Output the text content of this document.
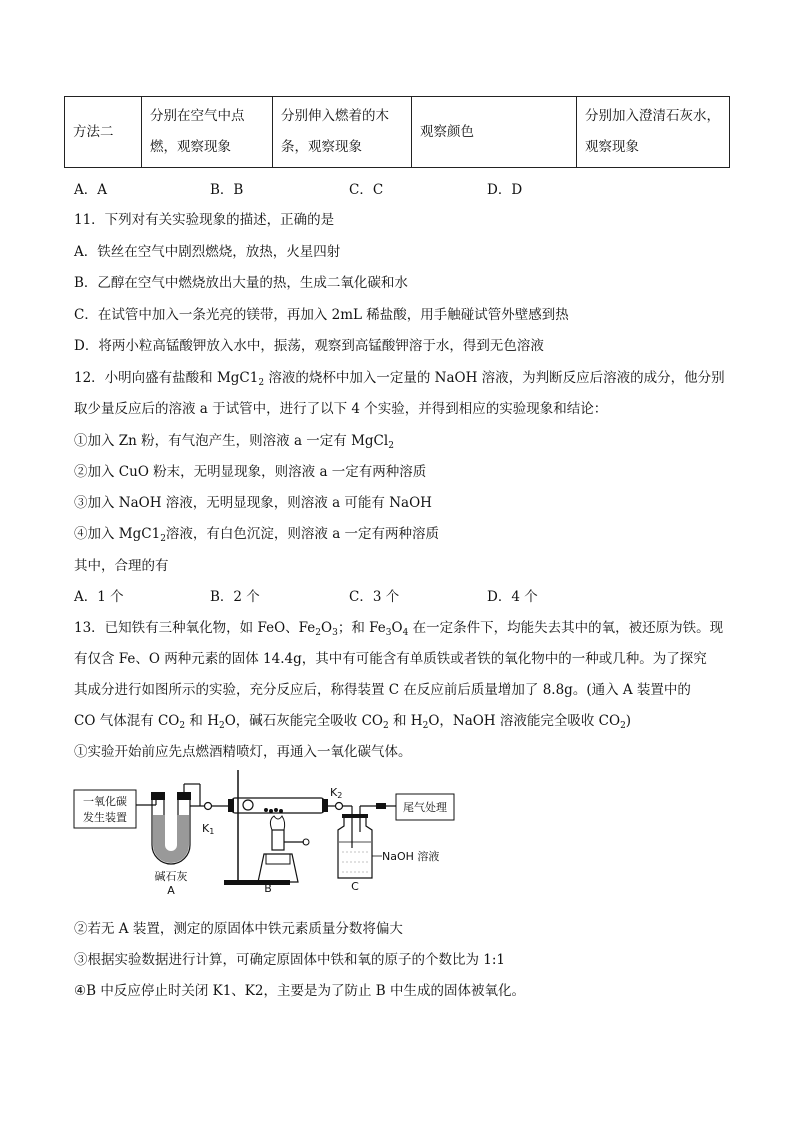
方法二	分别在空气中点燃，观察现象	分别伸入燃着的木条，观察现象	观察颜色	分别加入澄清石灰水，观察现象
A．A	B．B	C．C	D．D
11．下列对有关实验现象的描述，正确的是
A．铁丝在空气中剧烈燃烧，放热，火星四射
B．乙醇在空气中燃烧放出大量的热，生成二氧化碳和水
C．在试管中加入一条光亮的镁带，再加入 2mL 稀盐酸，用手触碰试管外壁感到热
D．将两小粒高锰酸钾放入水中，振荡，观察到高锰酸钾溶于水，得到无色溶液
12．小明向盛有盐酸和 $MgC1_2$ 溶液的烧杯中加入一定量的 NaOH 溶液，为判断反应后溶液的成分，他分别
取少量反应后的溶液 a 于试管中，进行了以下 4 个实验，并得到相应的实验现象和结论：
①加入 Zn 粉，有气泡产生，则溶液 a 一定有 MgCl$_2$
②加入 CuO 粉末，无明显现象，则溶液 a 一定有两种溶质
③加入 NaOH 溶液，无明显现象，则溶液 a 可能有 NaOH
④加入 $MgC1_2$溶液，有白色沉淀，则溶液 a 一定有两种溶质
其中，合理的有
A．1 个	B．2 个	C．3 个	D．4 个
13．已知铁有三种氧化物，如 FeO、$Fe_2O_3$；和 $Fe_3O_4$ 在一定条件下，均能失去其中的氧，被还原为铁。现
有仅含 Fe、O 两种元素的固体 14.4g，其中有可能含有单质铁或者铁的氧化物中的一种或几种。为了探究
其成分进行如图所示的实验，充分反应后，称得装置 C 在反应前后质量增加了 8.8g。(通入 A 装置中的
CO 气体混有 $CO_2$ 和 $H_2O$，碱石灰能完全吸收 $CO_2$ 和 $H_2O$，NaOH 溶液能完全吸收 $CO_2$)
①实验开始前应先点燃酒精喷灯，再通入一氧化碳气体。
一氧化碳
发生装置
碱石灰
A
K1
B
K2
NaOH 溶液
C
尾气处理
②若无 A 装置，测定的原固体中铁元素质量分数将偏大
③根据实验数据进行计算，可确定原固体中铁和氧的原子的个数比为 1:1
④B 中反应停止时关闭 K1、K2，主要是为了防止 B 中生成的固体被氧化。
